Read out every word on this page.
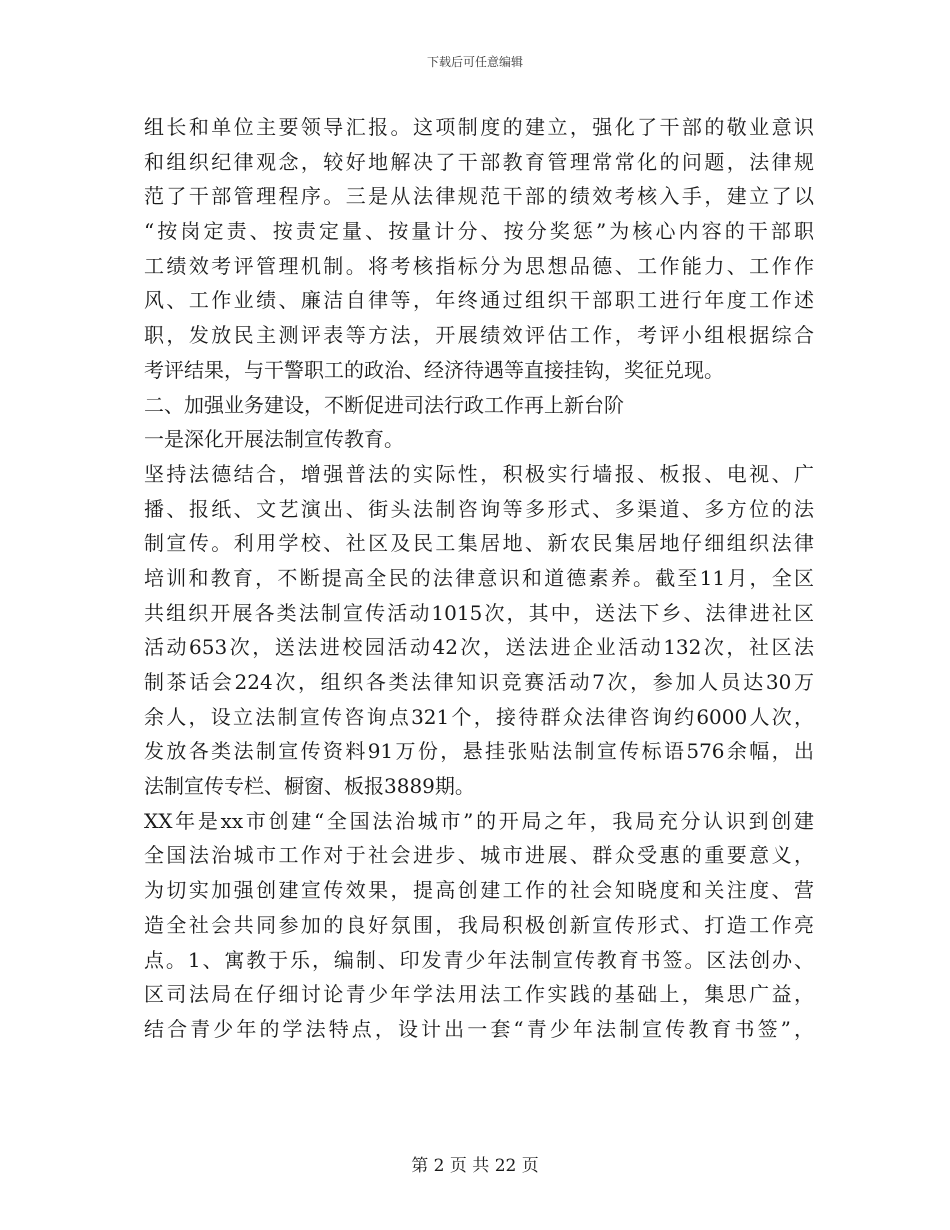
下载后可任意编辑
组长和单位主要领导汇报。这项制度的建立，强化了干部的敬业意识
和组织纪律观念，较好地解决了干部教育管理常常化的问题，法律规
范了干部管理程序。三是从法律规范干部的绩效考核入手，建立了以
“按岗定责、按责定量、按量计分、按分奖惩”为核心内容的干部职
工绩效考评管理机制。将考核指标分为思想品德、工作能力、工作作
风、工作业绩、廉洁自律等，年终通过组织干部职工进行年度工作述
职，发放民主测评表等方法，开展绩效评估工作，考评小组根据综合
考评结果，与干警职工的政治、经济待遇等直接挂钩，奖征兑现。
二、加强业务建设，不断促进司法行政工作再上新台阶
一是深化开展法制宣传教育。
坚持法德结合，增强普法的实际性，积极实行墙报、板报、电视、广
播、报纸、文艺演出、街头法制咨询等多形式、多渠道、多方位的法
制宣传。利用学校、社区及民工集居地、新农民集居地仔细组织法律
培训和教育，不断提高全民的法律意识和道德素养。截至11月，全区
共组织开展各类法制宣传活动1015次，其中，送法下乡、法律进社区
活动653次，送法进校园活动42次，送法进企业活动132次，社区法
制茶话会224次，组织各类法律知识竞赛活动7次，参加人员达30万
余人，设立法制宣传咨询点321个，接待群众法律咨询约6000人次，
发放各类法制宣传资料91万份，悬挂张贴法制宣传标语576余幅，出
法制宣传专栏、橱窗、板报3889期。
XX年是xx市创建“全国法治城市”的开局之年，我局充分认识到创建
全国法治城市工作对于社会进步、城市进展、群众受惠的重要意义，
为切实加强创建宣传效果，提高创建工作的社会知晓度和关注度、营
造全社会共同参加的良好氛围，我局积极创新宣传形式、打造工作亮
点。1、寓教于乐，编制、印发青少年法制宣传教育书签。区法创办、
区司法局在仔细讨论青少年学法用法工作实践的基础上，集思广益，
结合青少年的学法特点，设计出一套“青少年法制宣传教育书签”，
第 2 页 共 22 页
